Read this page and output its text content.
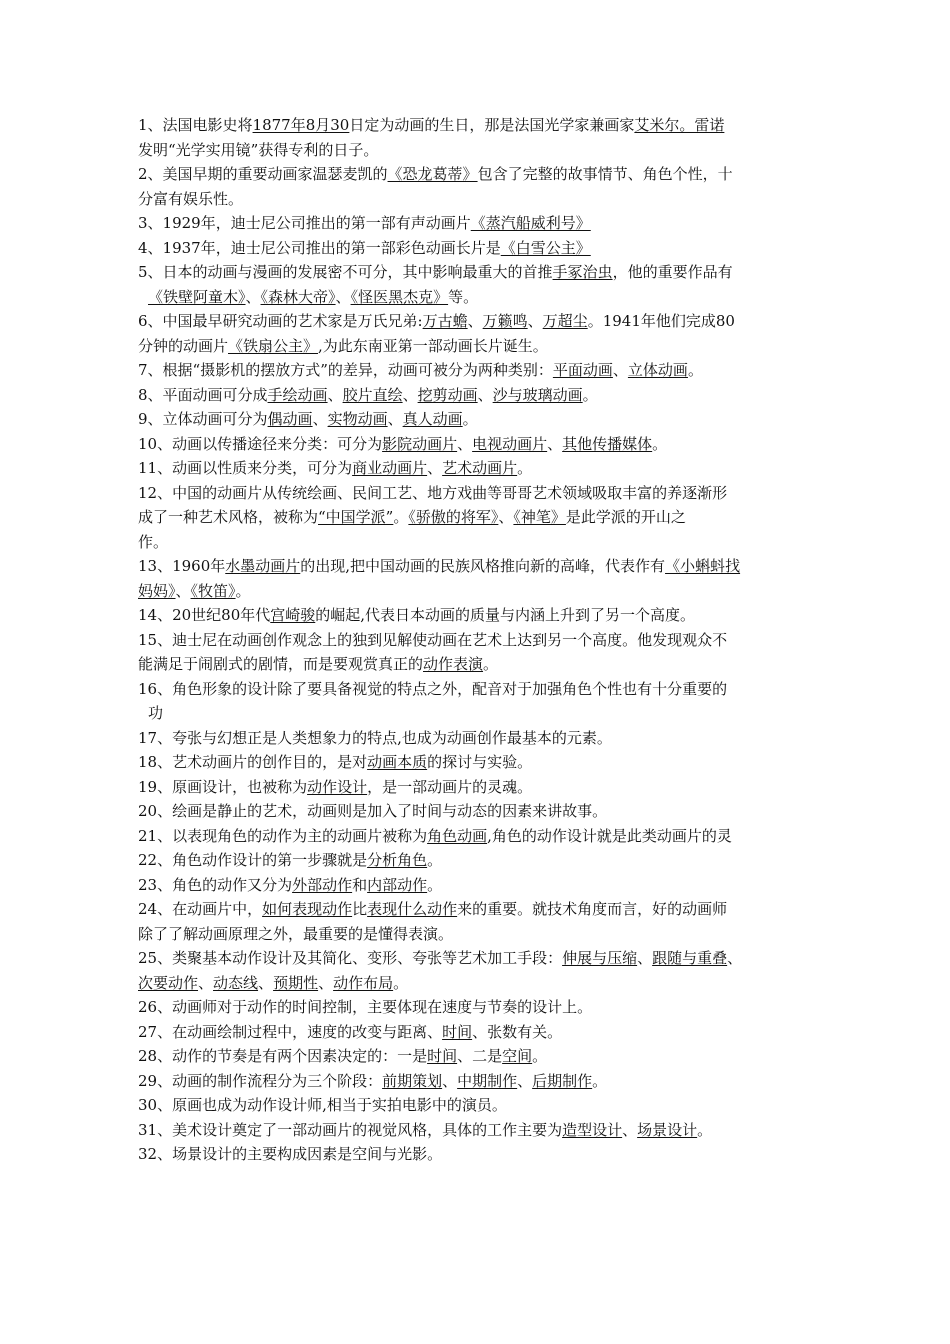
1、法国电影史将1877年8月30日定为动画的生日，那是法国光学家兼画家艾米尔。雷诺
发明“光学实用镜”获得专利的日子。
2、美国早期的重要动画家温瑟麦凯的《恐龙葛蒂》包含了完整的故事情节、角色个性，十
分富有娱乐性。
3、1929年，迪士尼公司推出的第一部有声动画片《蒸汽船威利号》
4、1937年，迪士尼公司推出的第一部彩色动画长片是《白雪公主》
5、日本的动画与漫画的发展密不可分，其中影响最重大的首推手冢治虫，他的重要作品有
《铁壁阿童木》、《森林大帝》、《怪医黑杰克》等。
6、中国最早研究动画的艺术家是万氏兄弟:万古蟾、万籁鸣、万超尘。1941年他们完成80
分钟的动画片《铁扇公主》,为此东南亚第一部动画长片诞生。
7、根据“摄影机的摆放方式”的差异，动画可被分为两种类别：平面动画、立体动画。
8、平面动画可分成手绘动画、胶片直绘、挖剪动画、沙与玻璃动画。
9、立体动画可分为偶动画、实物动画、真人动画。
10、动画以传播途径来分类：可分为影院动画片、电视动画片、其他传播媒体。
11、动画以性质来分类，可分为商业动画片、艺术动画片。
12、中国的动画片从传统绘画、民间工艺、地方戏曲等哥哥艺术领域吸取丰富的养逐渐形
成了一种艺术风格，被称为“中国学派”。《骄傲的将军》、《神笔》是此学派的开山之
作。
13、1960年水墨动画片的出现,把中国动画的民族风格推向新的高峰，代表作有《小蝌蚪找
妈妈》、《牧笛》。
14、20世纪80年代宫崎骏的崛起,代表日本动画的质量与内涵上升到了另一个高度。
15、迪士尼在动画创作观念上的独到见解使动画在艺术上达到另一个高度。他发现观众不
能满足于闹剧式的剧情，而是要观赏真正的动作表演。
16、角色形象的设计除了要具备视觉的特点之外，配音对于加强角色个性也有十分重要的
功
17、夸张与幻想正是人类想象力的特点,也成为动画创作最基本的元素。
18、艺术动画片的创作目的，是对动画本质的探讨与实验。
19、原画设计，也被称为动作设计，是一部动画片的灵魂。
20、绘画是静止的艺术，动画则是加入了时间与动态的因素来讲故事。
21、以表现角色的动作为主的动画片被称为角色动画,角色的动作设计就是此类动画片的灵
22、角色动作设计的第一步骤就是分析角色。
23、角色的动作又分为外部动作和内部动作。
24、在动画片中，如何表现动作比表现什么动作来的重要。就技术角度而言，好的动画师
除了了解动画原理之外，最重要的是懂得表演。
25、类聚基本动作设计及其简化、变形、夸张等艺术加工手段：伸展与压缩、跟随与重叠、
次要动作、动态线、预期性、动作布局。
26、动画师对于动作的时间控制，主要体现在速度与节奏的设计上。
27、在动画绘制过程中，速度的改变与距离、时间、张数有关。
28、动作的节奏是有两个因素决定的：一是时间、二是空间。
29、动画的制作流程分为三个阶段：前期策划、中期制作、后期制作。
30、原画也成为动作设计师,相当于实拍电影中的演员。
31、美术设计奠定了一部动画片的视觉风格，具体的工作主要为造型设计、场景设计。
32、场景设计的主要构成因素是空间与光影。
